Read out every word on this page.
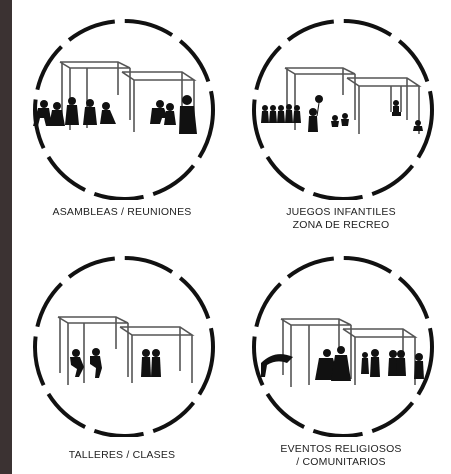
ASAMBLEAS / REUNIONES	JUEGOS INFANTILES
ZONA DE RECREO
TALLERES / CLASES	EVENTOS RELIGIOSOS
/ COMUNITARIOS
